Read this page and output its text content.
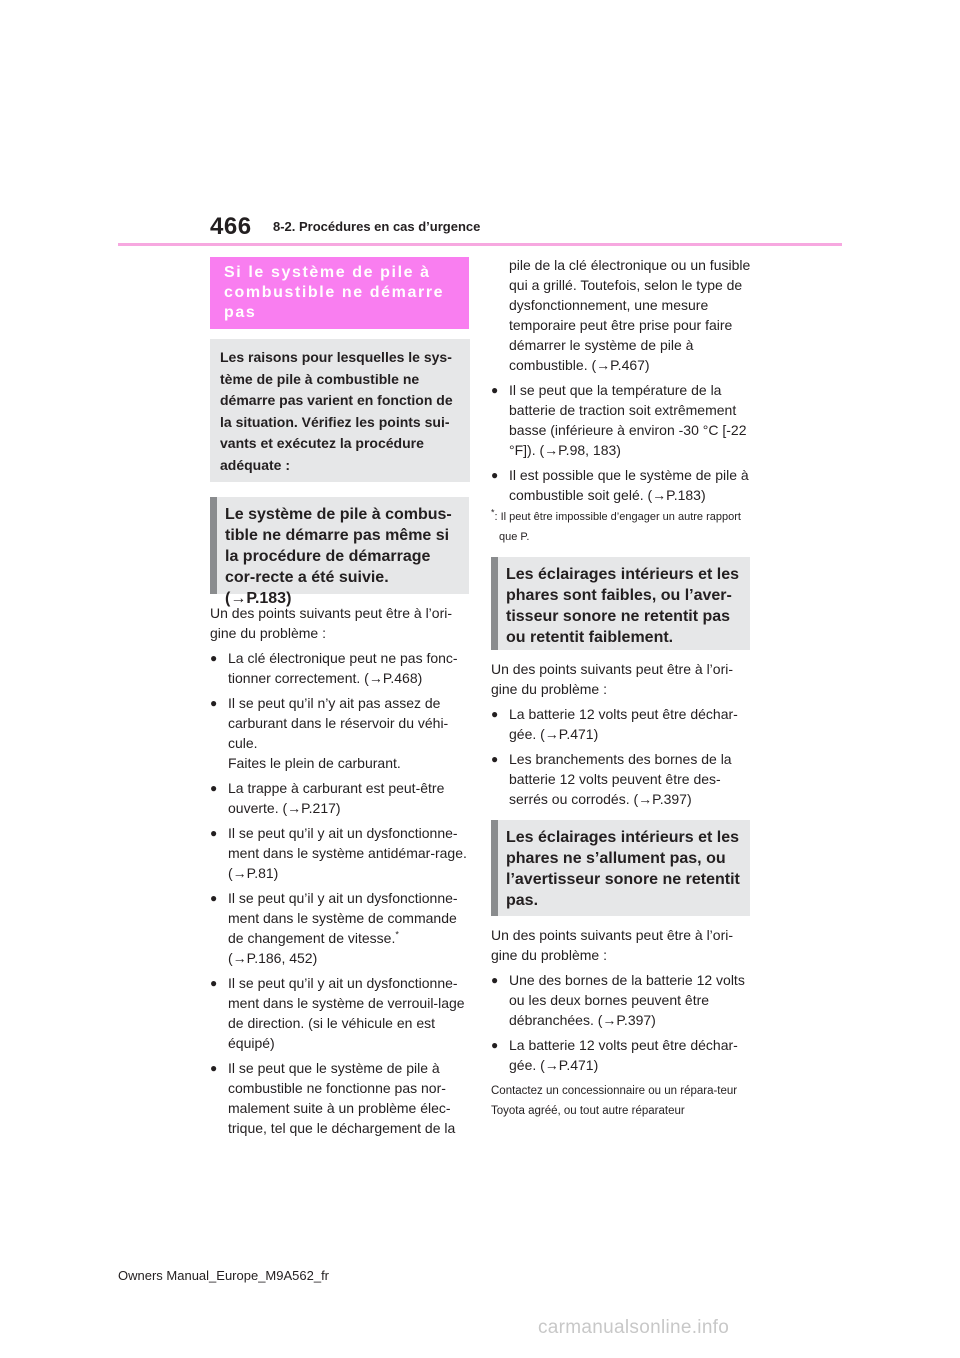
466 8-2. Procédures en cas d’urgence
Si le système de pile à combustible ne démarre pas
Les raisons pour lesquelles le sys-tème de pile à combustible ne démarre pas varient en fonction de la situation. Vérifiez les points sui-vants et exécutez la procédure adéquate :
Le système de pile à combus-tible ne démarre pas même si la procédure de démarrage cor-recte a été suivie. (→P.183)

Un des points suivants peut être à l’ori-gine du problème :

● La clé électronique peut ne pas fonc-tionner correctement. (→P.468)
● Il se peut qu’il n’y ait pas assez de carburant dans le réservoir du véhi-cule.
Faites le plein de carburant.
● La trappe à carburant est peut-être ouverte. (→P.217)
● Il se peut qu’il y ait un dysfonctionne-ment dans le système antidémar-rage. (→P.81)
● Il se peut qu’il y ait un dysfonctionne-ment dans le système de commande de changement de vitesse.*
(→P.186, 452)
● Il se peut qu’il y ait un dysfonctionne-ment dans le système de verrouil-lage de direction. (si le véhicule en est équipé)
● Il se peut que le système de pile à combustible ne fonctionne pas nor-malement suite à un problème élec-trique, tel que le déchargement de la

pile de la clé électronique ou un fusible qui a grillé. Toutefois, selon le type de dysfonctionnement, une mesure temporaire peut être prise pour faire démarrer le système de pile à combustible. (→P.467)

● Il se peut que la température de la batterie de traction soit extrêmement basse (inférieure à environ -30 °C [-22 °F]). (→P.98, 183)
● Il est possible que le système de pile à combustible soit gelé. (→P.183)

*: Il peut être impossible d’engager un autre rapport que P.

Les éclairages intérieurs et les phares sont faibles, ou l’aver-tisseur sonore ne retentit pas ou retentit faiblement.

Un des points suivants peut être à l’ori-gine du problème :

● La batterie 12 volts peut être déchar-gée. (→P.471)
● Les branchements des bornes de la batterie 12 volts peuvent être des-serrés ou corrodés. (→P.397)
Les éclairages intérieurs et les phares ne s’allument pas, ou l’avertisseur sonore ne retentit pas.

Un des points suivants peut être à l’ori-gine du problème :

● Une des bornes de la batterie 12 volts ou les deux bornes peuvent être débranchées. (→P.397)
● La batterie 12 volts peut être déchar-gée. (→P.471)

Contactez un concessionnaire ou un répara-teur Toyota agréé, ou tout autre réparateur

Owners Manual_Europe_M9A562_fr
carmanualsonline.info
